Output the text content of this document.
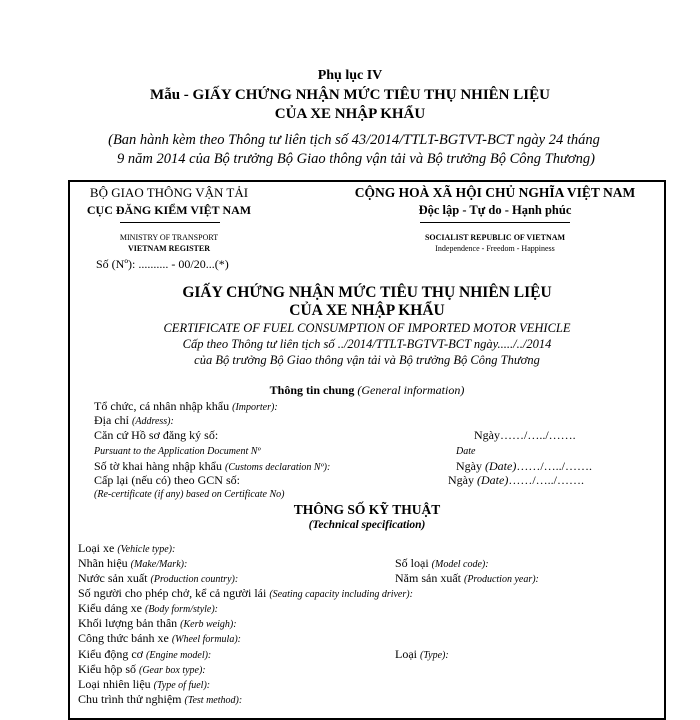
Phụ lục IV
Mẫu - GIẤY CHỨNG NHẬN MỨC TIÊU THỤ NHIÊN LIỆU
CỦA XE NHẬP KHẨU
(Ban hành kèm theo Thông tư liên tịch số 43/2014/TTLT-BGTVT-BCT ngày 24 tháng
9 năm 2014 của Bộ trưởng Bộ Giao thông vận tải và Bộ trưởng Bộ Công Thương)
BỘ GIAO THÔNG VẬN TẢI
CỤC ĐĂNG KIỂM VIỆT NAM
MINISTRY OF TRANSPORT
VIETNAM REGISTER
Số (Nº): .......... - 00/20...(*)
CỘNG HOÀ XÃ HỘI CHỦ NGHĨA VIỆT NAM
Độc lập - Tự do - Hạnh phúc
SOCIALIST REPUBLIC OF VIETNAM
Independence - Freedom - Happiness
GIẤY CHỨNG NHẬN MỨC TIÊU THỤ NHIÊN LIỆU
CỦA XE NHẬP KHẨU
CERTIFICATE OF FUEL CONSUMPTION OF IMPORTED MOTOR VEHICLE
Cấp theo Thông tư liên tịch số ../2014/TTLT-BGTVT-BCT ngày...../../2014
của Bộ trưởng Bộ Giao thông vận tải và Bộ trưởng Bộ Công Thương
Thông tin chung (General information)
Tổ chức, cá nhân nhập khẩu (Importer):
Địa chỉ (Address):
Căn cứ Hồ sơ đăng ký số:	Ngày……/…../…….
Pursuant to the Application Document Nº	Date
Số tờ khai hàng nhập khẩu (Customs declaration Nº):	Ngày (Date)……/…../…….
Cấp lại (nếu có) theo GCN số:	Ngày (Date)……/…../…….
(Re-certificate (if any) based on Certificate No)
THÔNG SỐ KỸ THUẬT
(Technical specification)
Loại xe (Vehicle type):
Nhãn hiệu (Make/Mark):	Số loại (Model code):
Nước sản xuất (Production country):	Năm sản xuất (Production year):
Số người cho phép chở, kể cả người lái (Seating capacity including driver):
Kiểu dáng xe (Body form/style):
Khối lượng bản thân (Kerb weigh):
Công thức bánh xe (Wheel formula):
Kiểu động cơ (Engine model):	Loại (Type):
Kiểu hộp số (Gear box type):
Loại nhiên liệu (Type of fuel):
Chu trình thử nghiệm (Test method):
